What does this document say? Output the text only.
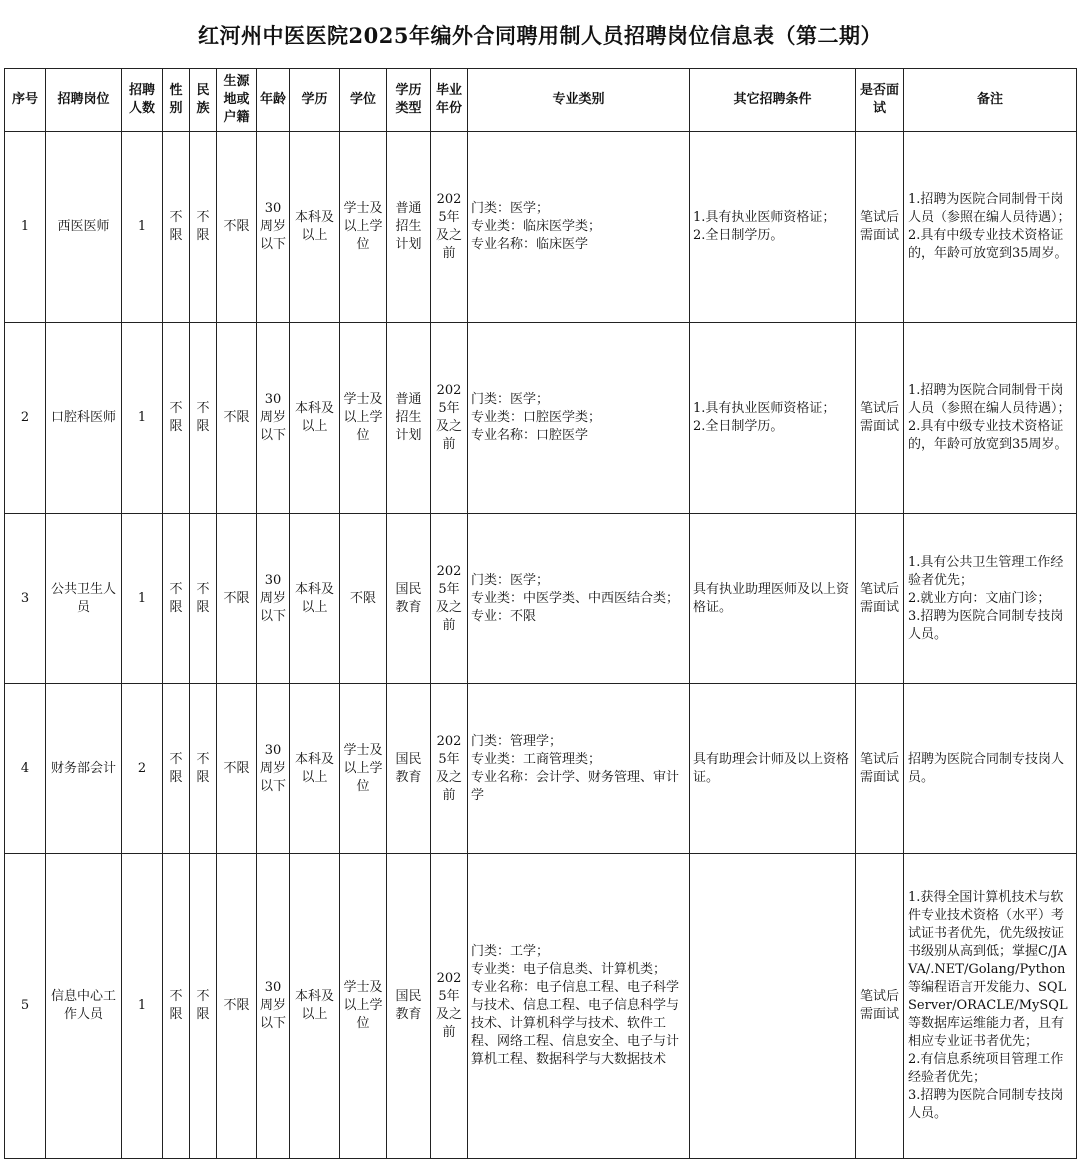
红河州中医医院2025年编外合同聘用制人员招聘岗位信息表（第二期）
序号	招聘岗位	招聘人数	性别	民族	生源地或户籍	年龄	学历	学位	学历类型	毕业年份	专业类别	其它招聘条件	是否面试	备注
1	西医医师	1	不限	不限	不限	30周岁以下	本科及以上	学士及以上学位	普通招生计划	2025年及之前	门类：医学；
专业类：临床医学类；
专业名称：临床医学	1.具有执业医师资格证；
2.全日制学历。	笔试后需面试	1.招聘为医院合同制骨干岗人员（参照在编人员待遇）；
2.具有中级专业技术资格证的，年龄可放宽到35周岁。
2	口腔科医师	1	不限	不限	不限	30周岁以下	本科及以上	学士及以上学位	普通招生计划	2025年及之前	门类：医学；
专业类：口腔医学类；
专业名称：口腔医学	1.具有执业医师资格证；
2.全日制学历。	笔试后需面试	1.招聘为医院合同制骨干岗人员（参照在编人员待遇）；
2.具有中级专业技术资格证的，年龄可放宽到35周岁。
3	公共卫生人员	1	不限	不限	不限	30周岁以下	本科及以上	不限	国民教育	2025年及之前	门类：医学；
专业类：中医学类、中西医结合类；
专业：不限	具有执业助理医师及以上资格证。	笔试后需面试	1.具有公共卫生管理工作经验者优先；
2.就业方向：文庙门诊；
3.招聘为医院合同制专技岗人员。
4	财务部会计	2	不限	不限	不限	30周岁以下	本科及以上	学士及以上学位	国民教育	2025年及之前	门类：管理学；
专业类：工商管理类；
专业名称：会计学、财务管理、审计学	具有助理会计师及以上资格证。	笔试后需面试	招聘为医院合同制专技岗人员。
5	信息中心工作人员	1	不限	不限	不限	30周岁以下	本科及以上	学士及以上学位	国民教育	2025年及之前	门类：工学；
专业类：电子信息类、计算机类；
专业名称：电子信息工程、电子科学与技术、信息工程、电子信息科学与技术、计算机科学与技术、软件工程、网络工程、信息安全、电子与计算机工程、数据科学与大数据技术		笔试后需面试	1.获得全国计算机技术与软件专业技术资格（水平）考试证书者优先，优先级按证书级别从高到低；掌握C/JAVA/.NET/Golang/Python等编程语言开发能力、SQLServer/ORACLE/MySQL等数据库运维能力者，且有相应专业证书者优先；
2.有信息系统项目管理工作经验者优先；
3.招聘为医院合同制专技岗人员。
